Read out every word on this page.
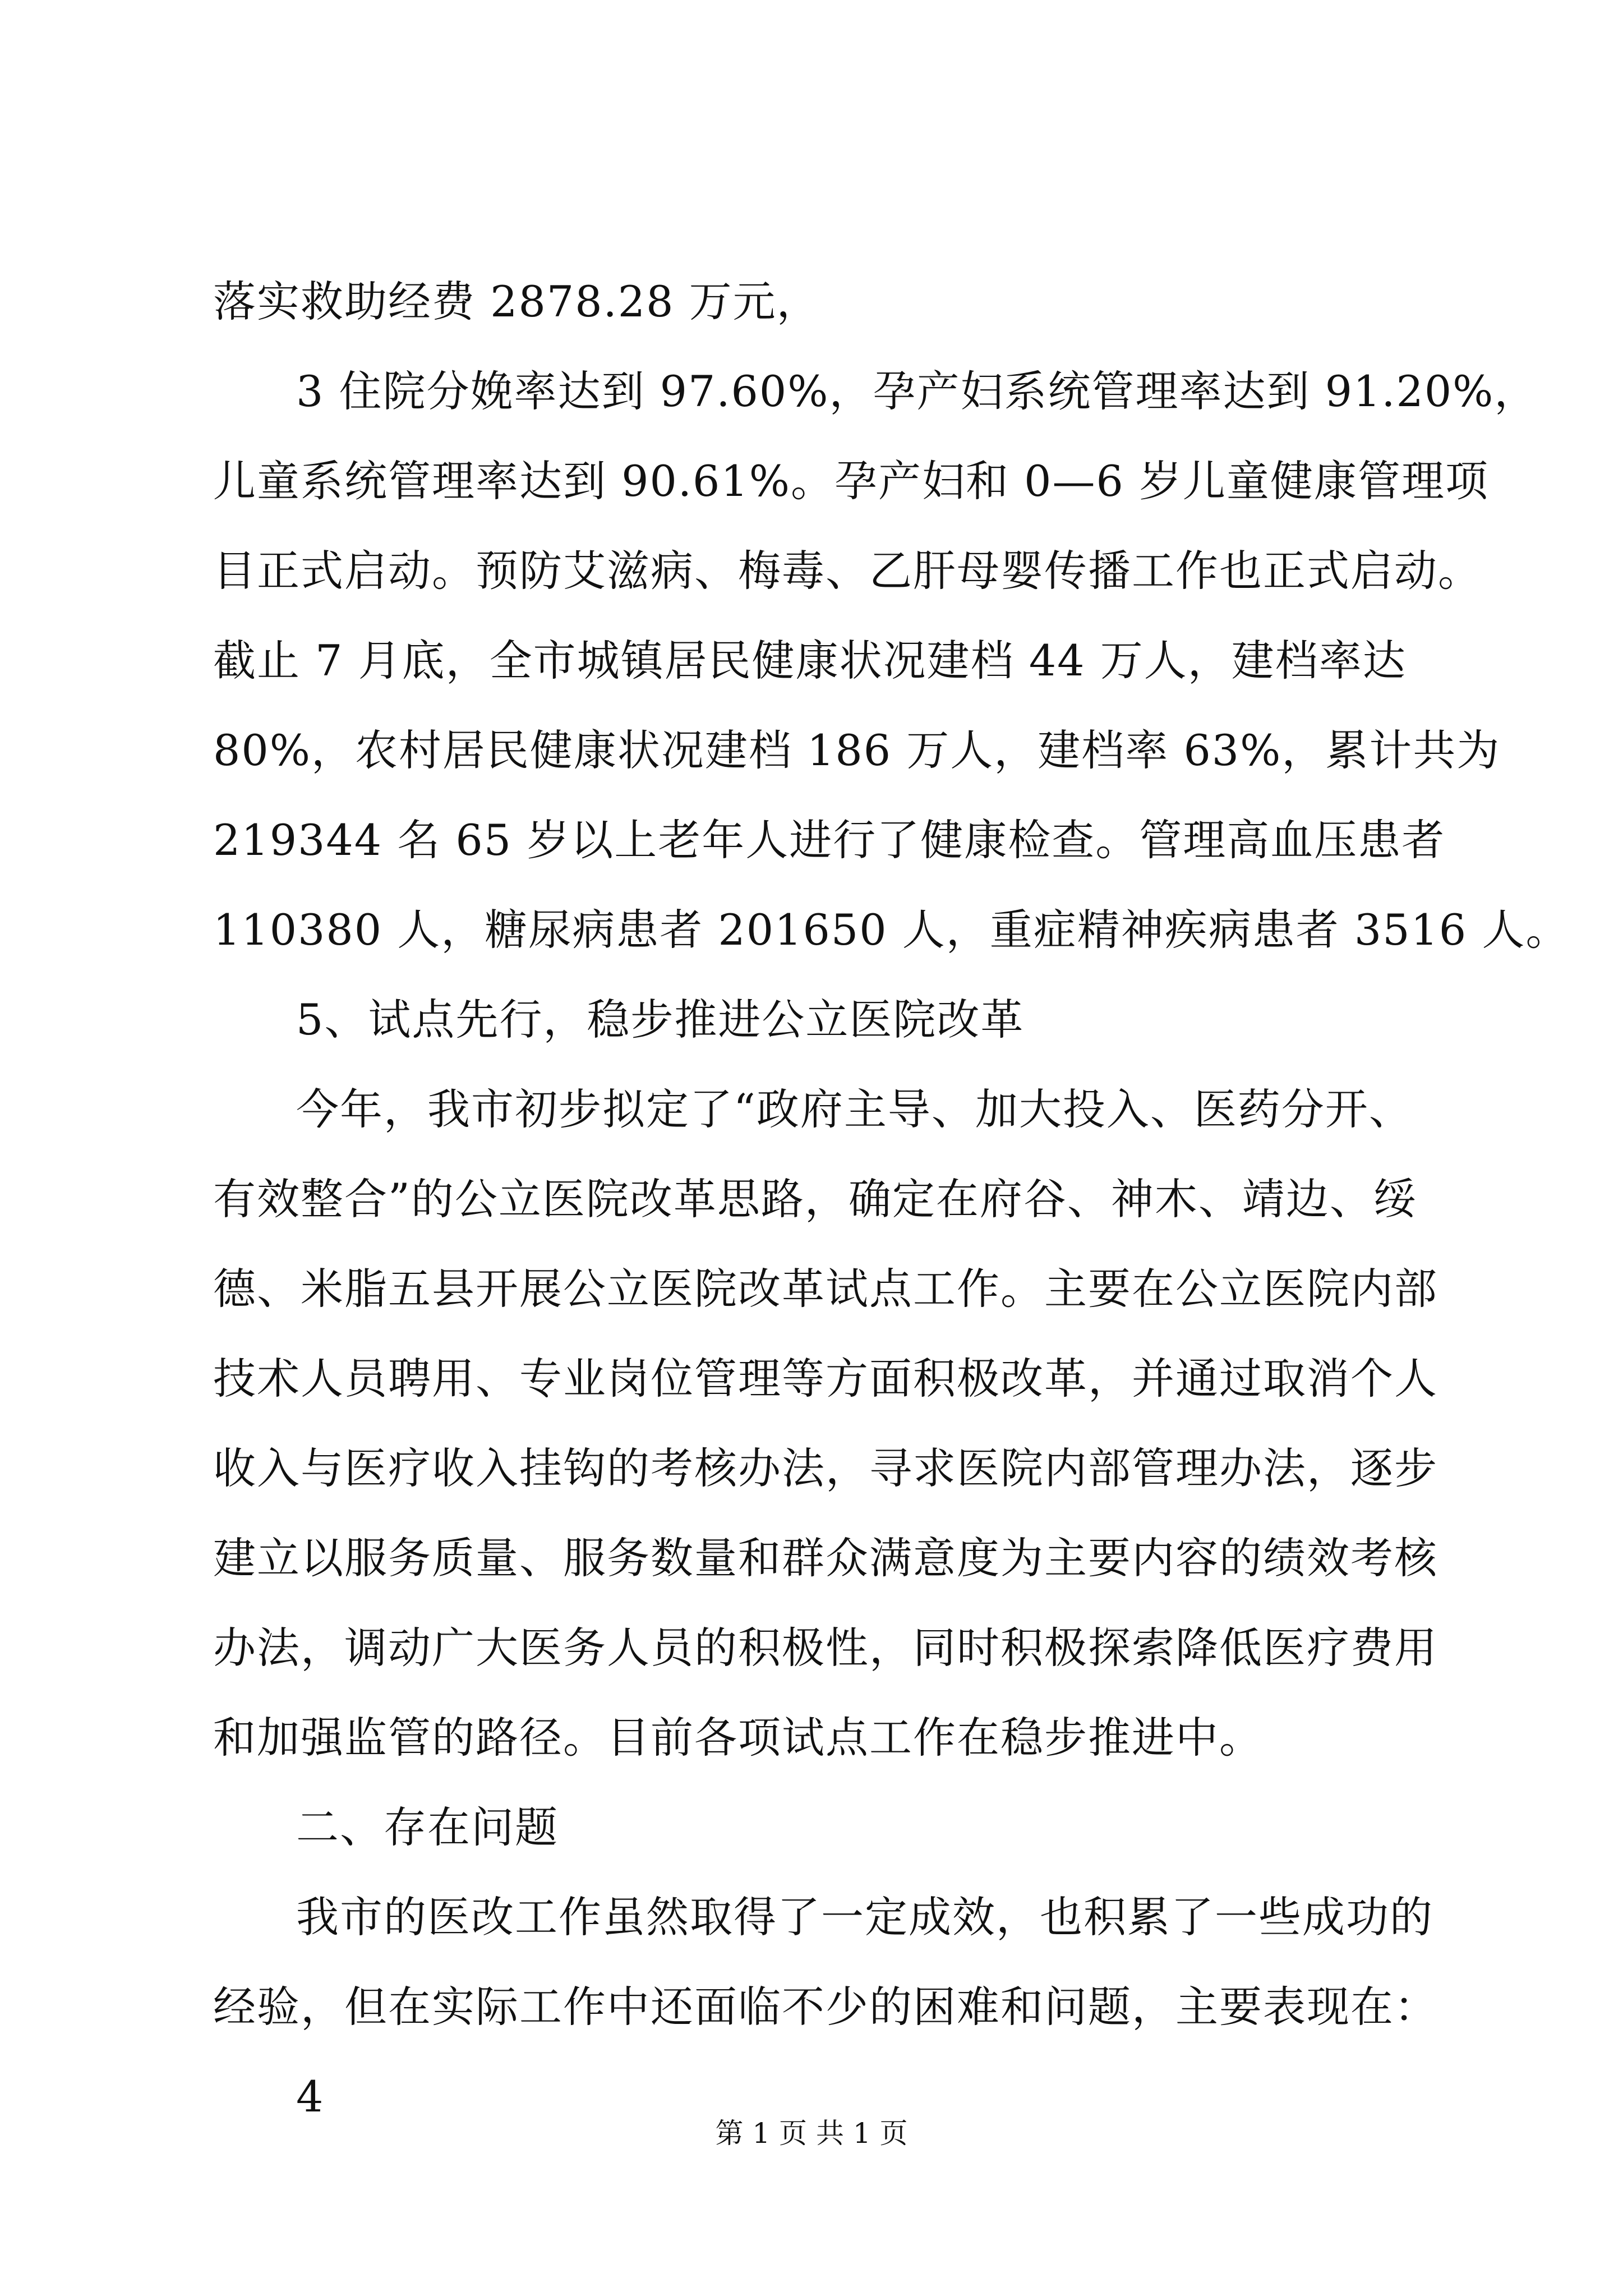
落实救助经费 2878.28 万元，
3 住院分娩率达到 97.60%，孕产妇系统管理率达到 91.20%，
儿童系统管理率达到 90.61%。孕产妇和 0—6 岁儿童健康管理项
目正式启动。预防艾滋病、梅毒、乙肝母婴传播工作也正式启动。
截止 7 月底，全市城镇居民健康状况建档 44 万人，建档率达
80%，农村居民健康状况建档 186 万人，建档率 63%，累计共为
219344 名 65 岁以上老年人进行了健康检查。管理高血压患者
110380 人，糖尿病患者 201650 人，重症精神疾病患者 3516 人。
5、试点先行，稳步推进公立医院改革
今年，我市初步拟定了“政府主导、加大投入、医药分开、
有效整合”的公立医院改革思路，确定在府谷、神木、靖边、绥
德、米脂五县开展公立医院改革试点工作。主要在公立医院内部
技术人员聘用、专业岗位管理等方面积极改革，并通过取消个人
收入与医疗收入挂钩的考核办法，寻求医院内部管理办法，逐步
建立以服务质量、服务数量和群众满意度为主要内容的绩效考核
办法，调动广大医务人员的积极性，同时积极探索降低医疗费用
和加强监管的路径。目前各项试点工作在稳步推进中。
二、存在问题
我市的医改工作虽然取得了一定成效，也积累了一些成功的
经验，但在实际工作中还面临不少的困难和问题，主要表现在：
4
第 1 页 共 1 页
